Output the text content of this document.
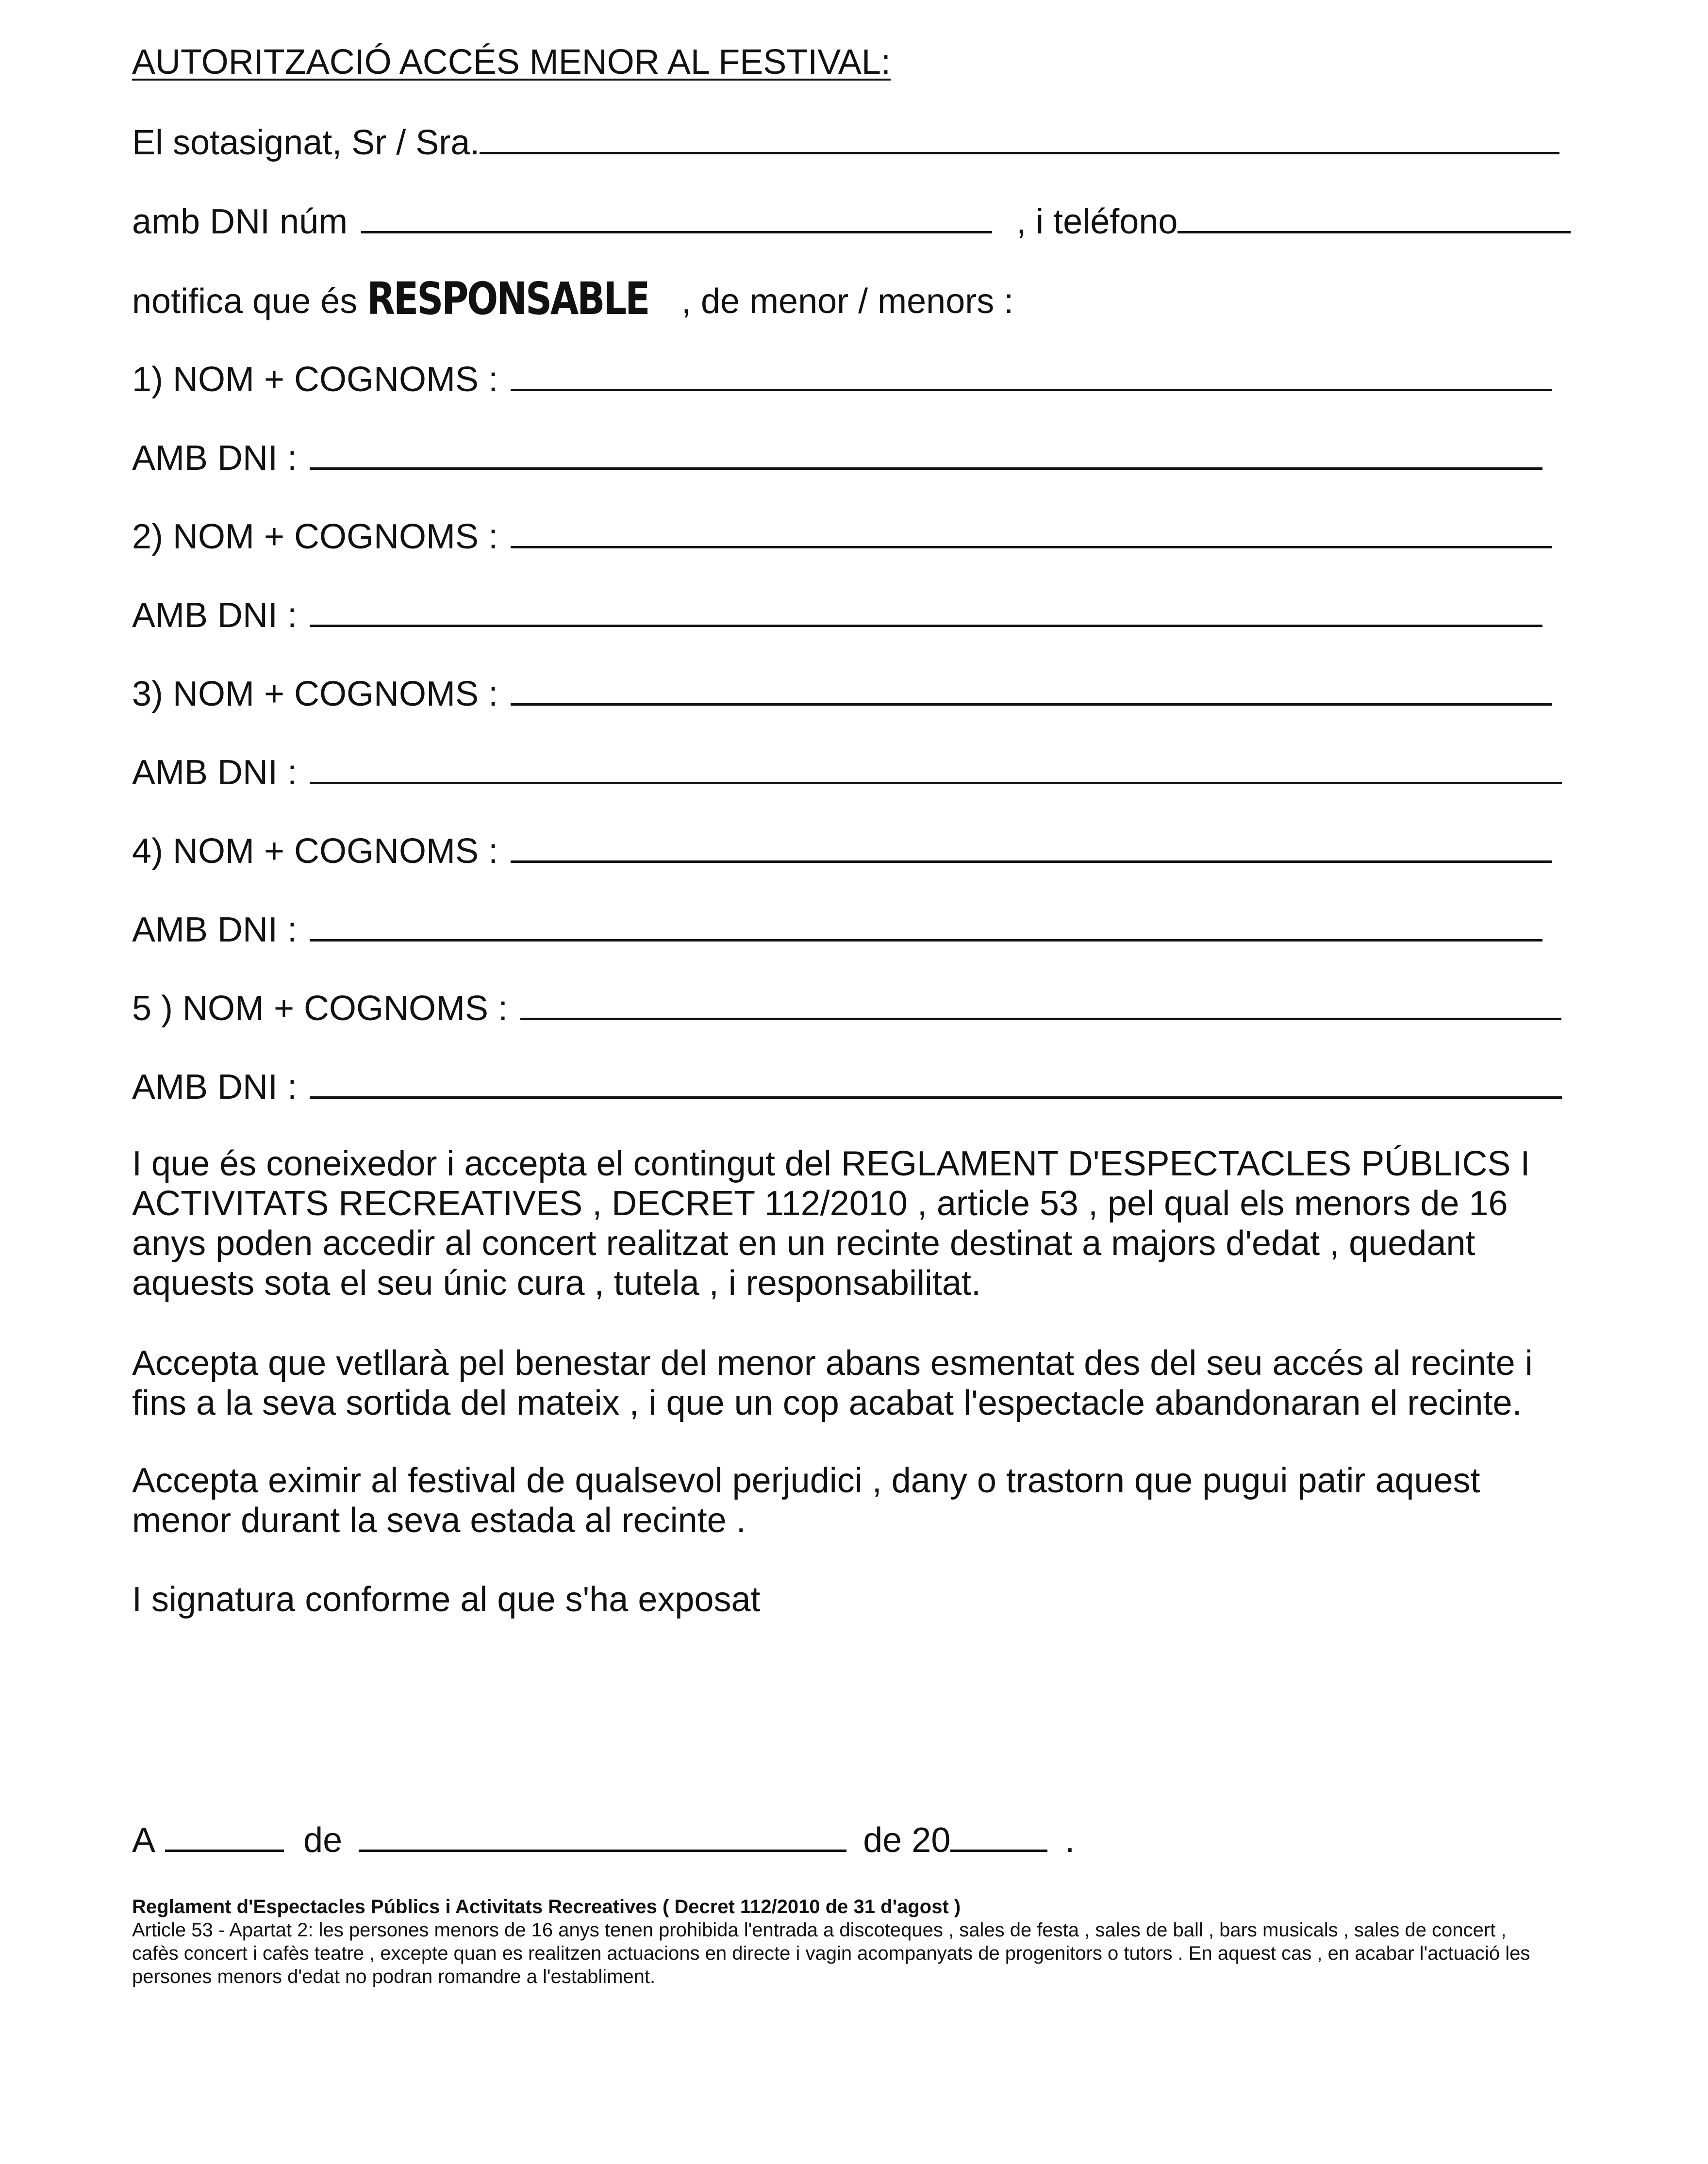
AUTORITZACIÓ ACCÉS MENOR AL FESTIVAL:
El sotasignat, Sr / Sra.
amb DNI núm	, i teléfono
notifica que és RESPONSABLE , de menor / menors :
1) NOM + COGNOMS :
AMB DNI :
2) NOM + COGNOMS :
AMB DNI :
3) NOM + COGNOMS :
AMB DNI :
4) NOM + COGNOMS :
AMB DNI :
5 ) NOM + COGNOMS :
AMB DNI :
I que és coneixedor i accepta el contingut del REGLAMENT D'ESPECTACLES PÚBLICS I ACTIVITATS RECREATIVES , DECRET 112/2010 , article 53 , pel qual els menors de 16 anys poden accedir al concert realitzat en un recinte destinat a majors d'edat , quedant aquests sota el seu únic cura , tutela , i responsabilitat.
Accepta que vetllarà pel benestar del menor abans esmentat des del seu accés al recinte i fins a la seva sortida del mateix , i que un cop acabat l'espectacle abandonaran el recinte.
Accepta eximir al festival de qualsevol perjudici , dany o trastorn que pugui patir aquest menor durant la seva estada al recinte .
I signatura conforme al que s'ha exposat
A	de	de 20	.
Reglament d'Espectacles Públics i Activitats Recreatives ( Decret 112/2010 de 31 d'agost )
Article 53 - Apartat 2: les persones menors de 16 anys tenen prohibida l'entrada a discoteques , sales de festa , sales de ball , bars musicals , sales de concert , cafès concert i cafès teatre , excepte quan es realitzen actuacions en directe i vagin acompanyats de progenitors o tutors . En aquest cas , en acabar l'actuació les persones menors d'edat no podran romandre a l'establiment.
